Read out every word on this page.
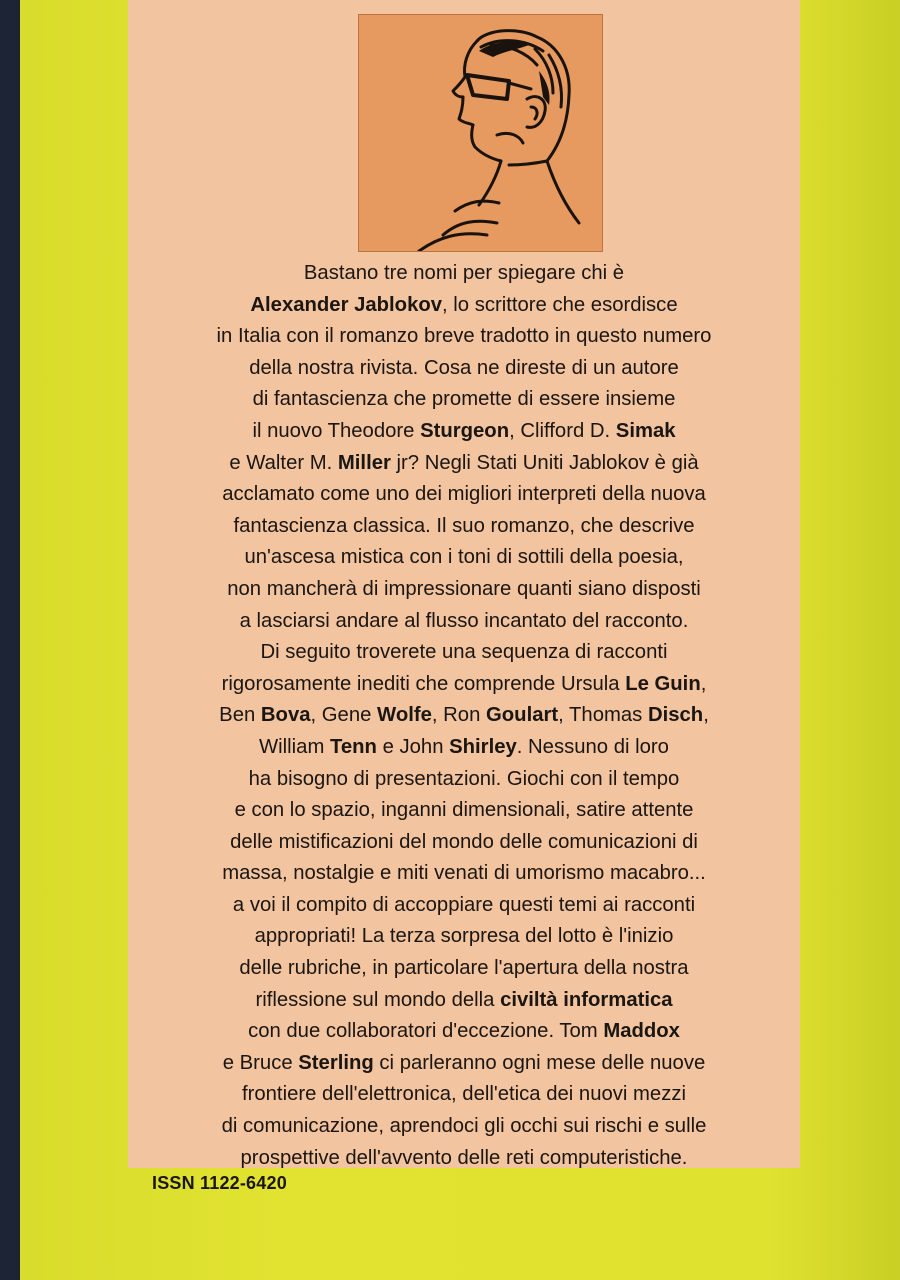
Bastano tre nomi per spiegare chi è
Alexander Jablokov, lo scrittore che esordisce
in Italia con il romanzo breve tradotto in questo numero
della nostra rivista. Cosa ne direste di un autore
di fantascienza che promette di essere insieme
il nuovo Theodore Sturgeon, Clifford D. Simak
e Walter M. Miller jr? Negli Stati Uniti Jablokov è già
acclamato come uno dei migliori interpreti della nuova
fantascienza classica. Il suo romanzo, che descrive
un'ascesa mistica con i toni di sottili della poesia,
non mancherà di impressionare quanti siano disposti
a lasciarsi andare al flusso incantato del racconto.
Di seguito troverete una sequenza di racconti
rigorosamente inediti che comprende Ursula Le Guin,
Ben Bova, Gene Wolfe, Ron Goulart, Thomas Disch,
William Tenn e John Shirley. Nessuno di loro
ha bisogno di presentazioni. Giochi con il tempo
e con lo spazio, inganni dimensionali, satire attente
delle mistificazioni del mondo delle comunicazioni di
massa, nostalgie e miti venati di umorismo macabro...
a voi il compito di accoppiare questi temi ai racconti
appropriati! La terza sorpresa del lotto è l'inizio
delle rubriche, in particolare l'apertura della nostra
riflessione sul mondo della civiltà informatica
con due collaboratori d'eccezione. Tom Maddox
e Bruce Sterling ci parleranno ogni mese delle nuove
frontiere dell'elettronica, dell'etica dei nuovi mezzi
di comunicazione, aprendoci gli occhi sui rischi e sulle
prospettive dell'avvento delle reti computeristiche.

ISSN 1122-6420
